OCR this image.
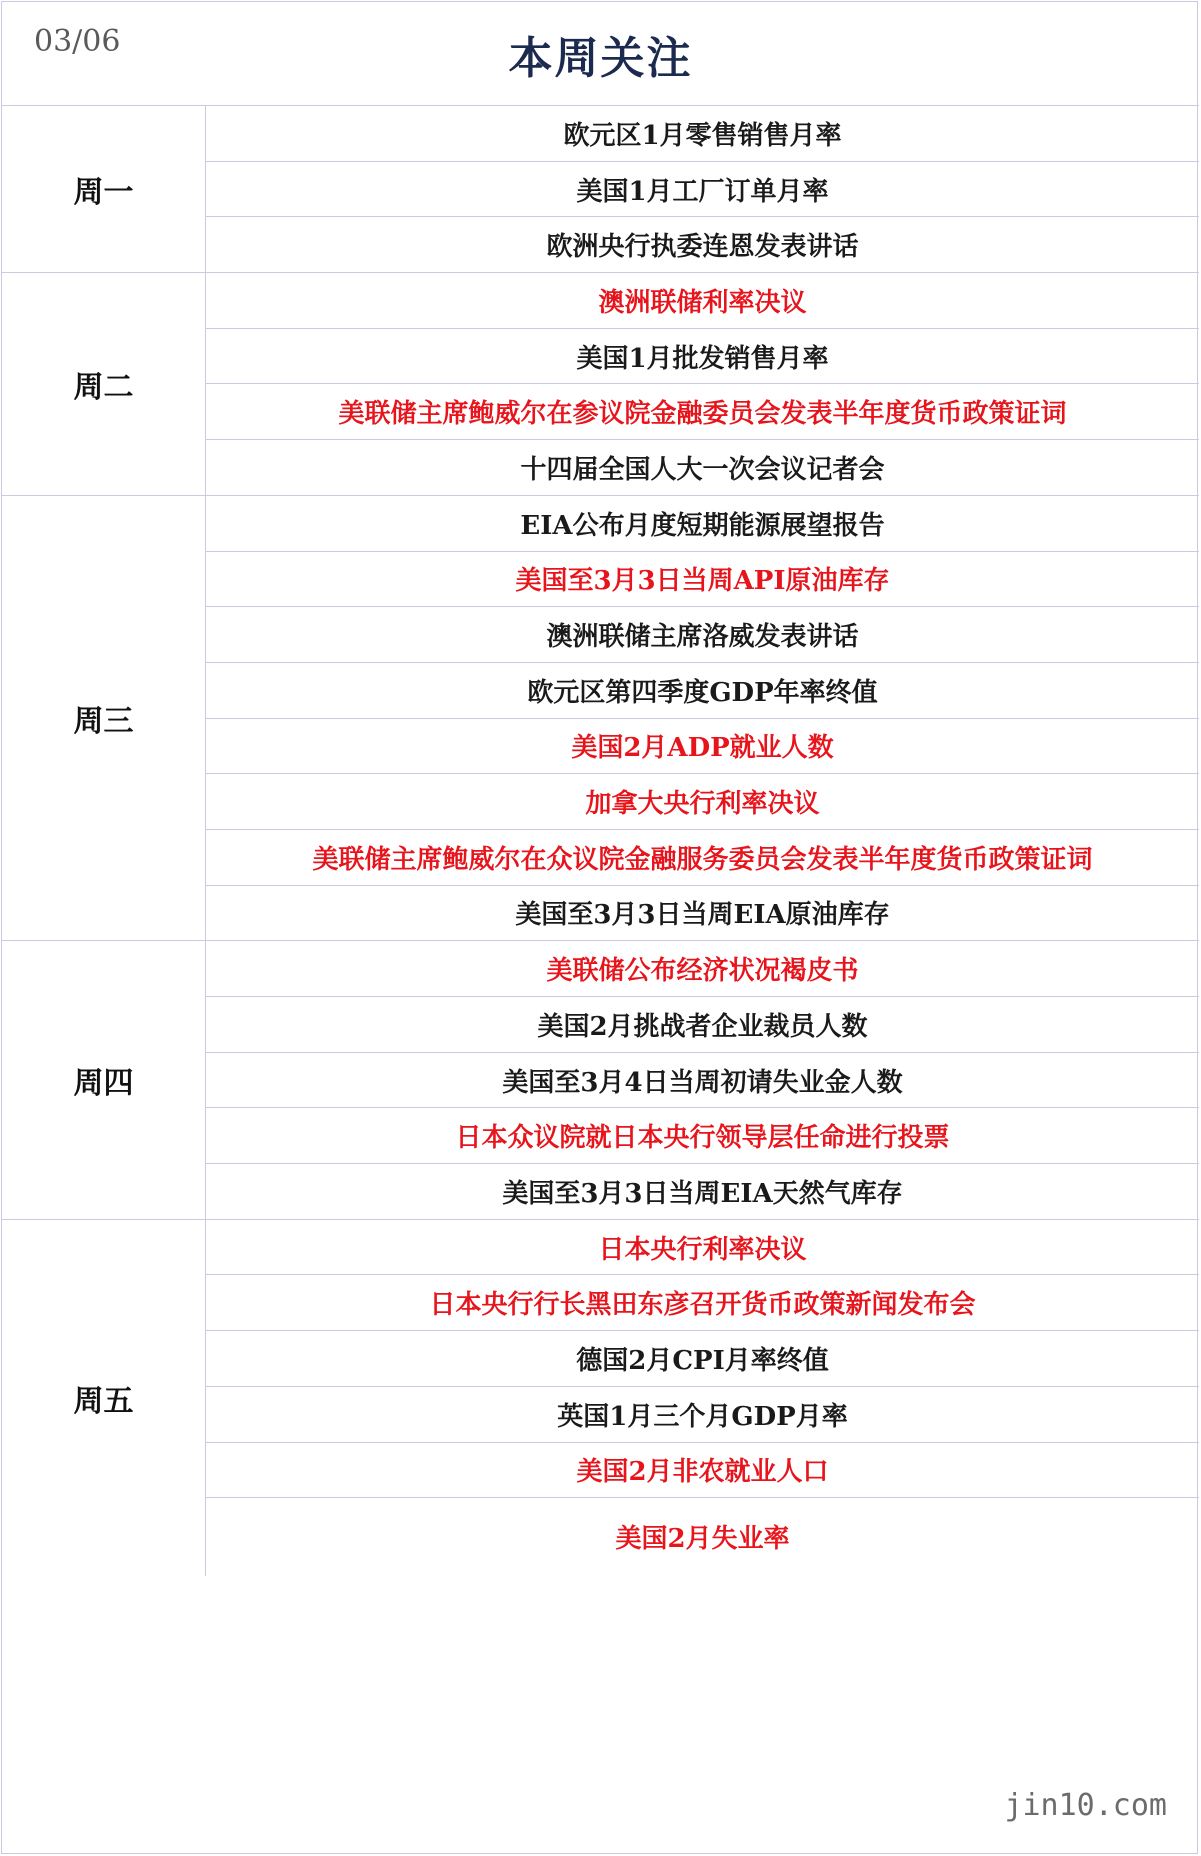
03/06	本周关注
周一	欧元区1月零售销售月率
	美国1月工厂订单月率
	欧洲央行执委连恩发表讲话
周二	澳洲联储利率决议
	美国1月批发销售月率
	美联储主席鲍威尔在参议院金融委员会发表半年度货币政策证词
	十四届全国人大一次会议记者会
周三	EIA公布月度短期能源展望报告
	美国至3月3日当周API原油库存
	澳洲联储主席洛威发表讲话
	欧元区第四季度GDP年率终值
	美国2月ADP就业人数
	加拿大央行利率决议
	美联储主席鲍威尔在众议院金融服务委员会发表半年度货币政策证词
	美国至3月3日当周EIA原油库存
周四	美联储公布经济状况褐皮书
	美国2月挑战者企业裁员人数
	美国至3月4日当周初请失业金人数
	日本众议院就日本央行领导层任命进行投票
	美国至3月3日当周EIA天然气库存
周五	日本央行利率决议
	日本央行行长黑田东彦召开货币政策新闻发布会
	德国2月CPI月率终值
	英国1月三个月GDP月率
	美国2月非农就业人口
	美国2月失业率
jin10.com
